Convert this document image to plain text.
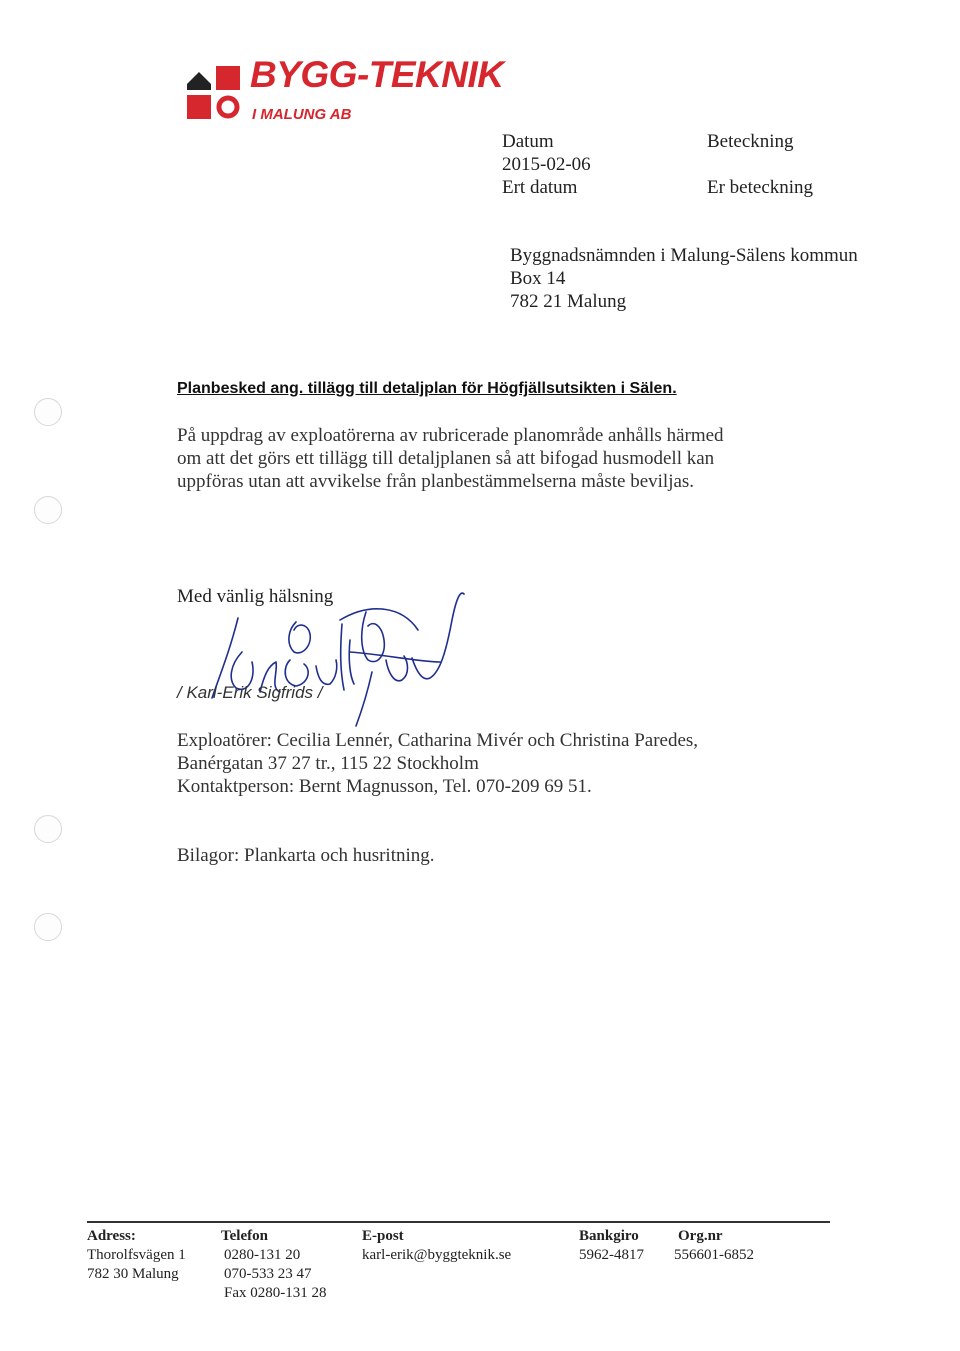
BYGG-TEKNIK
I MALUNG AB
Datum
2015-02-06
Ert datum
Beteckning
Er beteckning
Byggnadsnämnden i Malung-Sälens kommun
Box 14
782 21 Malung
Planbesked ang. tillägg till detaljplan för Högfjällsutsikten i Sälen.
På uppdrag av exploatörerna av rubricerade planområde anhålls härmed
om att det görs ett tillägg till detaljplanen så att bifogad husmodell kan
uppföras utan att avvikelse från planbestämmelserna måste beviljas.
Med vänlig hälsning
/ Karl-Erik Sigfrids /
Exploatörer: Cecilia Lennér, Catharina Mivér och Christina Paredes,
Banérgatan 37 27 tr., 115 22 Stockholm
Kontaktperson: Bernt Magnusson, Tel. 070-209 69 51.
Bilagor: Plankarta och husritning.
Adress:
Thorolfsvägen 1
782 30 Malung
Telefon
0280-131 20
070-533 23 47
Fax 0280-131 28
E-post
karl-erik@byggteknik.se
Bankgiro
5962-4817
Org.nr
556601-6852
